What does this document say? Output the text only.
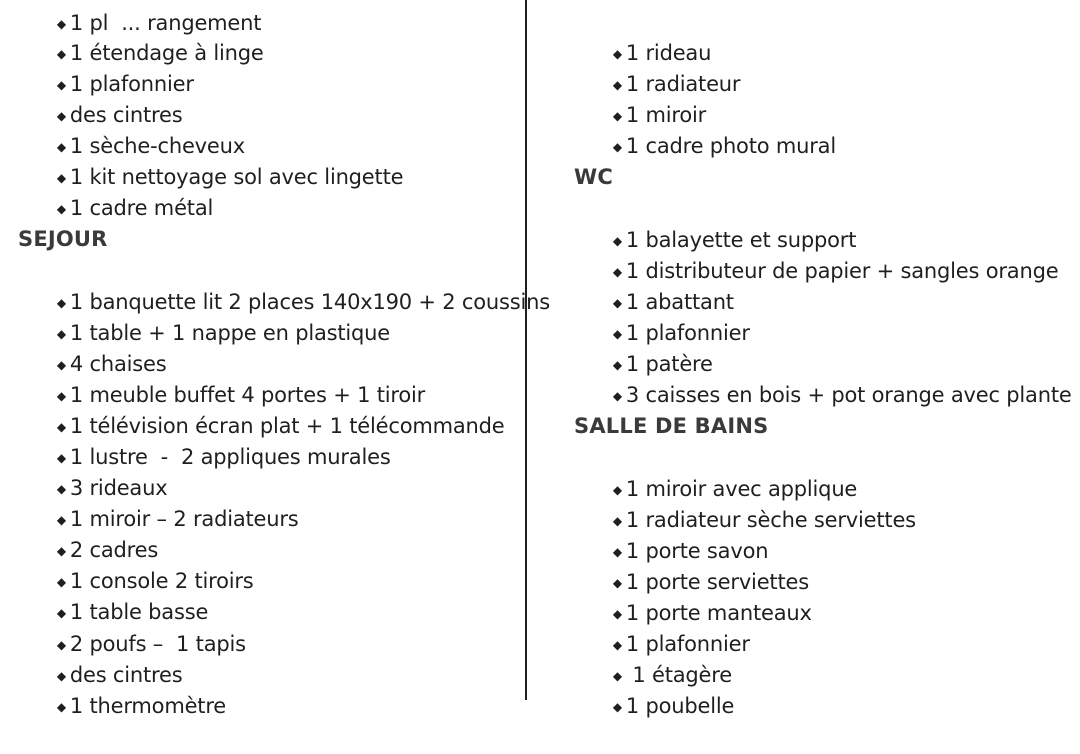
◆ 1 pl  ... rangement

◆ 1 étendage à linge

◆ 1 plafonnier

◆ des cintres

◆ 1 sèche-cheveux

◆ 1 kit nettoyage sol avec lingette

◆ 1 cadre métal

SEJOUR

◆ 1 banquette lit 2 places 140x190 + 2 coussins

◆ 1 table + 1 nappe en plastique

◆ 4 chaises

◆ 1 meuble buffet 4 portes + 1 tiroir

◆ 1 télévision écran plat + 1 télécommande

◆ 1 lustre  -  2 appliques murales

◆ 3 rideaux

◆ 1 miroir – 2 radiateurs

◆ 2 cadres

◆ 1 console 2 tiroirs

◆ 1 table basse

◆ 2 poufs –  1 tapis

◆ des cintres

◆ 1 thermomètre

◆ 1 rideau

◆ 1 radiateur

◆ 1 miroir

◆ 1 cadre photo mural

WC

◆ 1 balayette et support

◆ 1 distributeur de papier + sangles orange

◆ 1 abattant

◆ 1 plafonnier

◆ 1 patère

◆ 3 caisses en bois + pot orange avec plante

SALLE DE BAINS

◆ 1 miroir avec applique

◆ 1 radiateur sèche serviettes

◆ 1 porte savon

◆ 1 porte serviettes

◆ 1 porte manteaux

◆ 1 plafonnier

◆ 1 étagère

◆ 1 poubelle
